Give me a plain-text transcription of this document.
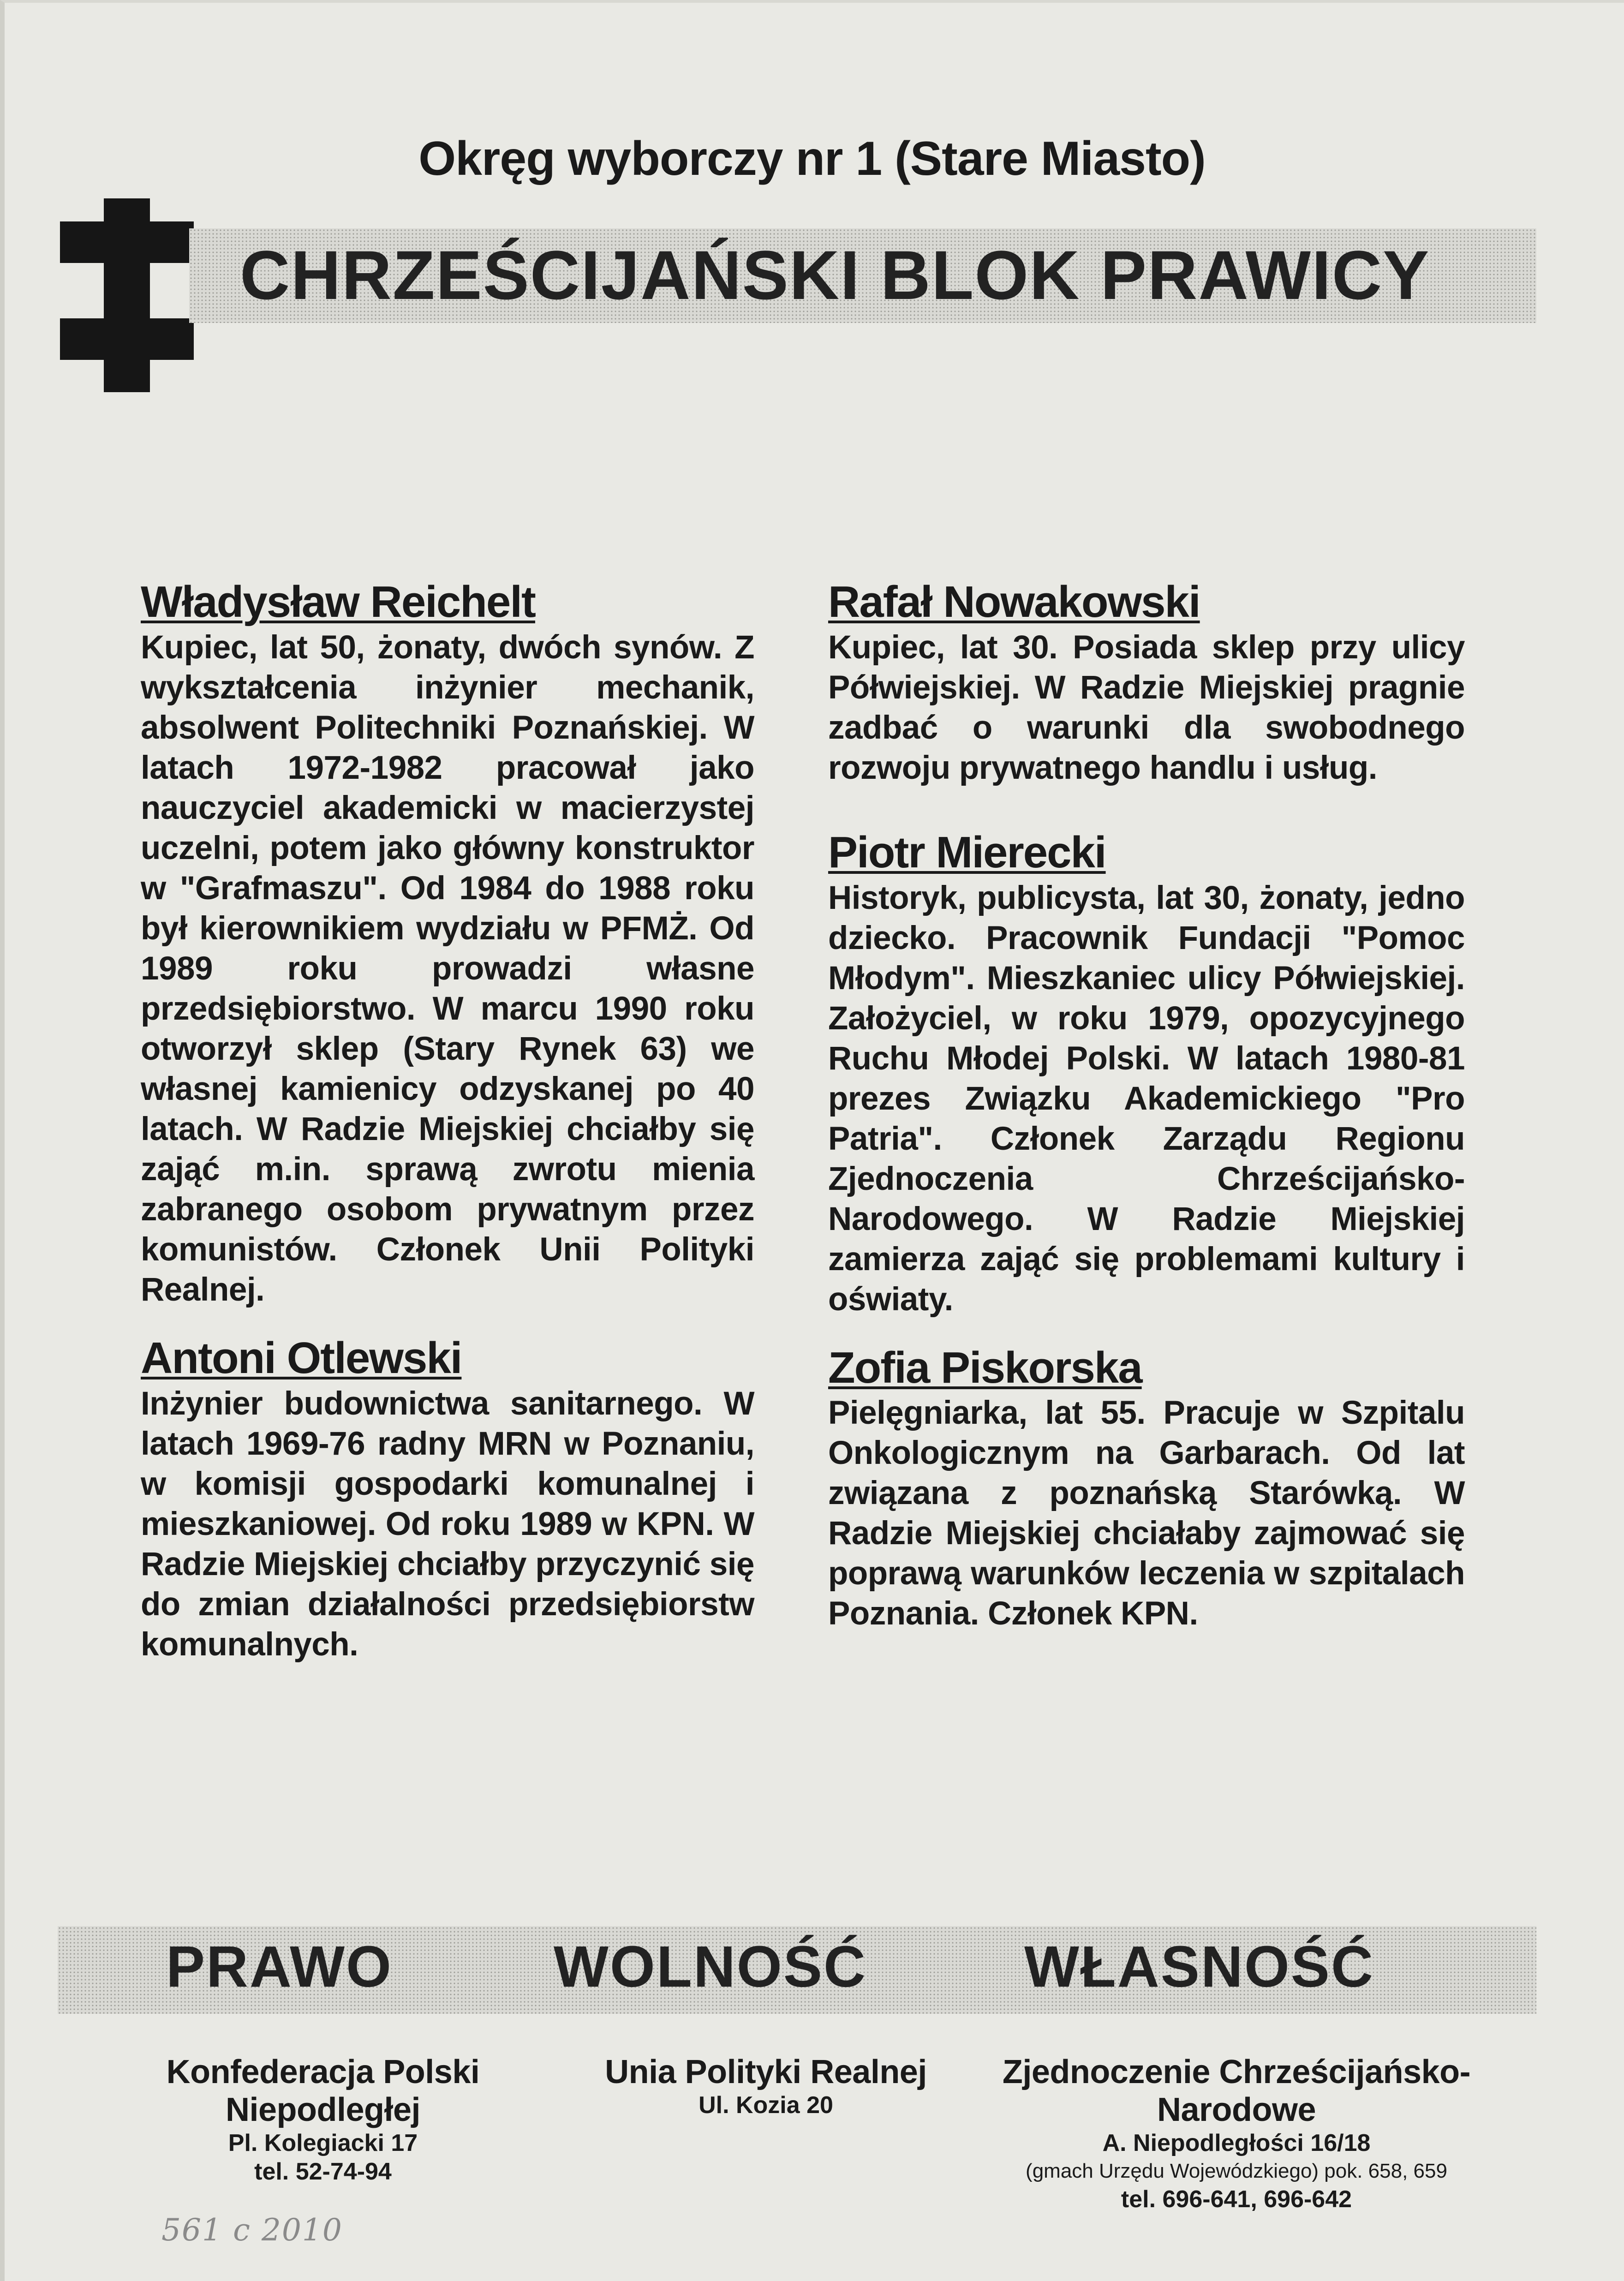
Okręg wyborczy nr 1 (Stare Miasto)
CHRZEŚCIJAŃSKI BLOK PRAWICY
Władysław Reichelt
Kupiec, lat 50, żonaty, dwóch synów. Z wykształcenia inżynier mechanik, absolwent Politechniki Poznańskiej. W latach 1972-1982 pracował jako nauczyciel akademicki w macierzystej uczelni, potem jako główny konstruktor w "Grafmaszu". Od 1984 do 1988 roku był kierownikiem wydziału w PFMŻ. Od 1989 roku prowadzi własne przedsiębiorstwo. W marcu 1990 roku otworzył sklep (Stary Rynek 63) we własnej kamienicy odzyskanej po 40 latach. W Radzie Miejskiej chciałby się zająć m.in. sprawą zwrotu mienia zabranego osobom prywatnym przez komunistów. Członek Unii Polityki Realnej.
Antoni Otlewski
Inżynier budownictwa sanitarnego. W latach 1969-76 radny MRN w Poznaniu, w komisji gospodarki komunalnej i mieszkaniowej. Od roku 1989 w KPN. W Radzie Miejskiej chciałby przyczynić się do zmian działalności przedsiębiorstw komunalnych.
Rafał Nowakowski
Kupiec, lat 30. Posiada sklep przy ulicy Półwiejskiej. W Radzie Miejskiej pragnie zadbać o warunki dla swobodnego rozwoju prywatnego handlu i usług.
Piotr Mierecki
Historyk, publicysta, lat 30, żonaty, jedno dziecko. Pracownik Fundacji "Pomoc Młodym". Mieszkaniec ulicy Półwiejskiej. Założyciel, w roku 1979, opozycyjnego Ruchu Młodej Polski. W latach 1980-81 prezes Związku Akademickiego "Pro Patria". Członek Zarządu Regionu Zjednoczenia Chrześcijańsko-Narodowego. W Radzie Miejskiej zamierza zająć się problemami kultury i oświaty.
Zofia Piskorska
Pielęgniarka, lat 55. Pracuje w Szpitalu Onkologicznym na Garbarach. Od lat związana z poznańską Starówką. W Radzie Miejskiej chciałaby zajmować się poprawą warunków leczenia w szpitalach Poznania. Członek KPN.
PRAWO	WOLNOŚĆ	WŁASNOŚĆ
Konfederacja Polski
Niepodległej
Pl. Kolegiacki 17
tel. 52-74-94
Unia Polityki Realnej
Ul. Kozia 20
Zjednoczenie Chrześcijańsko-
Narodowe
A. Niepodległości 16/18
(gmach Urzędu Wojewódzkiego) pok. 658, 659
tel. 696-641, 696-642
561 c 2010
